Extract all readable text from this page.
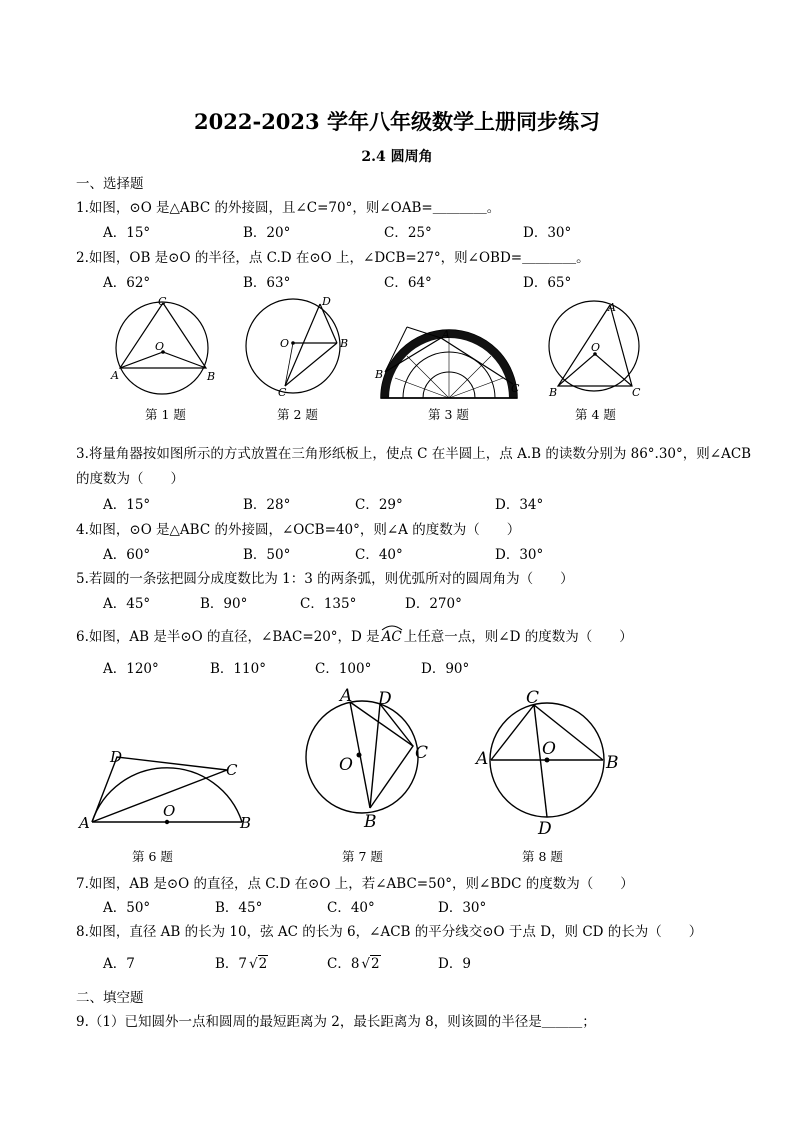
2022-2023 学年八年级数学上册同步练习
2.4 圆周角
一、选择题
1.如图，⊙O 是△ABC 的外接圆，且∠C=70°，则∠OAB=＿＿＿＿。
A．15°	B．20°	C．25°	D．30°
2.如图，OB 是⊙O 的半径，点 C.D 在⊙O 上，∠DCB=27°，则∠OBD=＿＿＿＿。
A．62°	B．63°	C．64°	D．65°
C
O
A	B
第 1 题
D
O	B
C
第 2 题
A
B
C
第 3 题
A
O
B	C
第 4 题
3.将量角器按如图所示的方式放置在三角形纸板上，使点 C 在半圆上，点 A.B 的读数分别为 86°.30°，则∠ACB
的度数为（　　）
A．15°	B．28°	C．29°	D．34°
4.如图，⊙O 是△ABC 的外接圆，∠OCB=40°，则∠A 的度数为（　　）
A．60°	B．50°	C．40°	D．30°
5.若圆的一条弦把圆分成度数比为 1：3 的两条弧，则优弧所对的圆周角为（　　）
A．45°	B．90°	C．135°	D．270°
6.如图，AB 是半⊙O 的直径，∠BAC=20°，D 是 AC 上任意一点，则∠D 的度数为（　　）
A．120°	B．110°	C．100°	D．90°
D
C
O
A	B
第 6 题
A D
O
C
B
第 7 题
C
O
A	B
D
第 8 题
7.如图，AB 是⊙O 的直径，点 C.D 在⊙O 上，若∠ABC=50°，则∠BDC 的度数为（　　）
A．50°	B．45°	C．40°	D．30°
8.如图，直径 AB 的长为 10，弦 AC 的长为 6，∠ACB 的平分线交⊙O 于点 D，则 CD 的长为（　　）
A．7	B．7 √2	C．8 √2	D．9
二、填空题
9.（1）已知圆外一点和圆周的最短距离为 2，最长距离为 8，则该圆的半径是＿＿＿；
